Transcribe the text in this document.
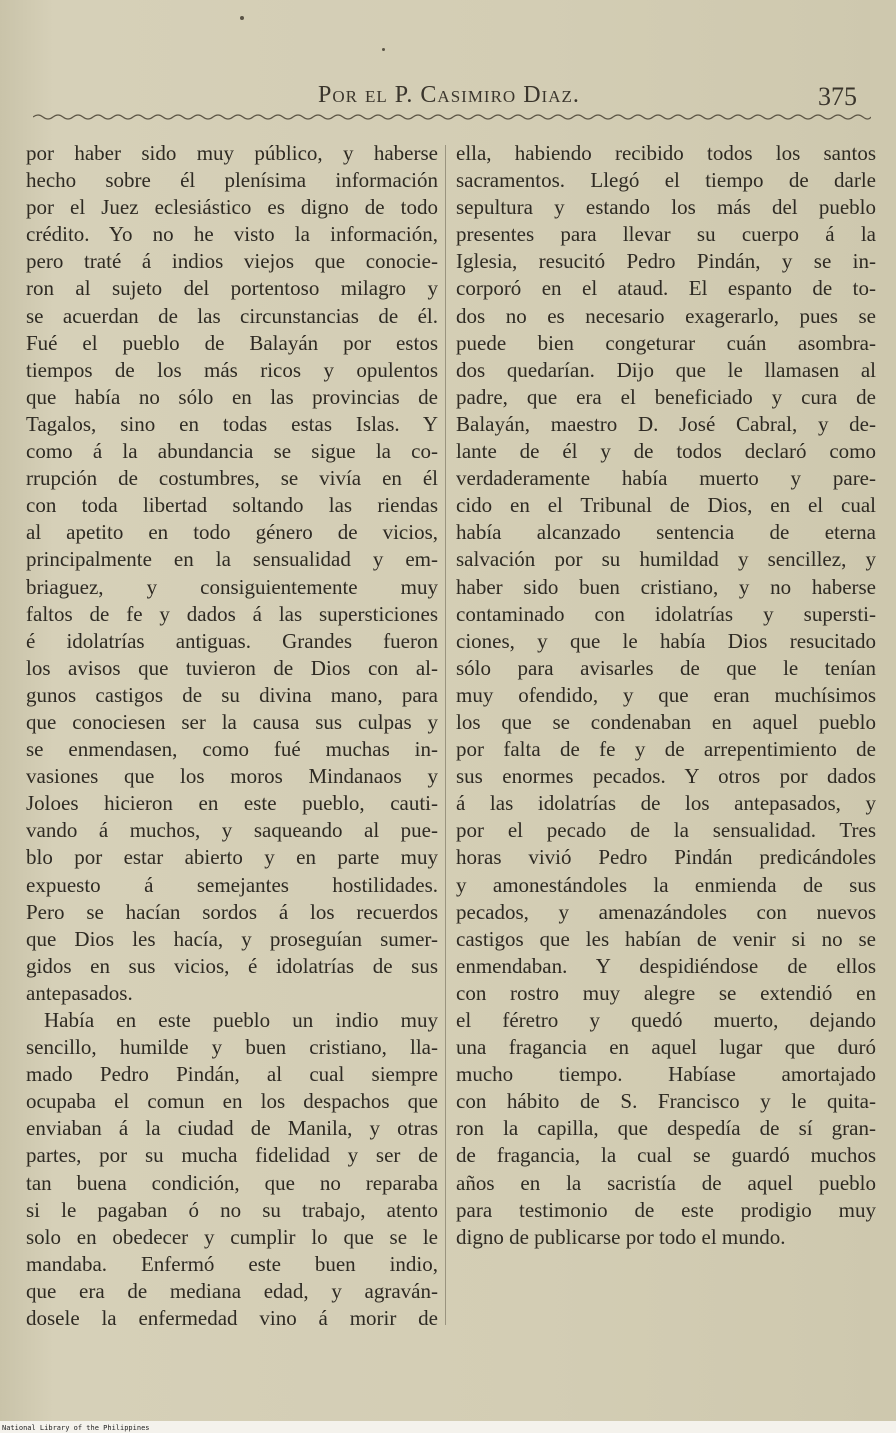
Por el P. Casimiro Diaz.	375
por haber sido muy público, y haberse
hecho sobre él plenísima información
por el Juez eclesiástico es digno de todo
crédito. Yo no he visto la información,
pero traté á indios viejos que conocie-
ron al sujeto del portentoso milagro y
se acuerdan de las circunstancias de él.
Fué el pueblo de Balayán por estos
tiempos de los más ricos y opulentos
que había no sólo en las provincias de
Tagalos, sino en todas estas Islas. Y
como á la abundancia se sigue la co-
rrupción de costumbres, se vivía en él
con toda libertad soltando las riendas
al apetito en todo género de vicios,
principalmente en la sensualidad y em-
briaguez, y consiguientemente muy
faltos de fe y dados á las supersticiones
é idolatrías antiguas. Grandes fueron
los avisos que tuvieron de Dios con al-
gunos castigos de su divina mano, para
que conociesen ser la causa sus culpas y
se enmendasen, como fué muchas in-
vasiones que los moros Mindanaos y
Joloes hicieron en este pueblo, cauti-
vando á muchos, y saqueando al pue-
blo por estar abierto y en parte muy
expuesto á semejantes hostilidades.
Pero se hacían sordos á los recuerdos
que Dios les hacía, y proseguían sumer-
gidos en sus vicios, é idolatrías de sus
antepasados.
Había en este pueblo un indio muy
sencillo, humilde y buen cristiano, lla-
mado Pedro Pindán, al cual siempre
ocupaba el comun en los despachos que
enviaban á la ciudad de Manila, y otras
partes, por su mucha fidelidad y ser de
tan buena condición, que no reparaba
si le pagaban ó no su trabajo, atento
solo en obedecer y cumplir lo que se le
mandaba. Enfermó este buen indio,
que era de mediana edad, y agraván-
dosele la enfermedad vino á morir de
ella, habiendo recibido todos los santos
sacramentos. Llegó el tiempo de darle
sepultura y estando los más del pueblo
presentes para llevar su cuerpo á la
Iglesia, resucitó Pedro Pindán, y se in-
corporó en el ataud. El espanto de to-
dos no es necesario exagerarlo, pues se
puede bien congeturar cuán asombra-
dos quedarían. Dijo que le llamasen al
padre, que era el beneficiado y cura de
Balayán, maestro D. José Cabral, y de-
lante de él y de todos declaró como
verdaderamente había muerto y pare-
cido en el Tribunal de Dios, en el cual
había alcanzado sentencia de eterna
salvación por su humildad y sencillez, y
haber sido buen cristiano, y no haberse
contaminado con idolatrías y supersti-
ciones, y que le había Dios resucitado
sólo para avisarles de que le tenían
muy ofendido, y que eran muchísimos
los que se condenaban en aquel pueblo
por falta de fe y de arrepentimiento de
sus enormes pecados. Y otros por dados
á las idolatrías de los antepasados, y
por el pecado de la sensualidad. Tres
horas vivió Pedro Pindán predicándoles
y amonestándoles la enmienda de sus
pecados, y amenazándoles con nuevos
castigos que les habían de venir si no se
enmendaban. Y despidiéndose de ellos
con rostro muy alegre se extendió en
el féretro y quedó muerto, dejando
una fragancia en aquel lugar que duró
mucho tiempo. Habíase amortajado
con hábito de S. Francisco y le quita-
ron la capilla, que despedía de sí gran-
de fragancia, la cual se guardó muchos
años en la sacristía de aquel pueblo
para testimonio de este prodigio muy
digno de publicarse por todo el mundo.
National Library of the Philippines
